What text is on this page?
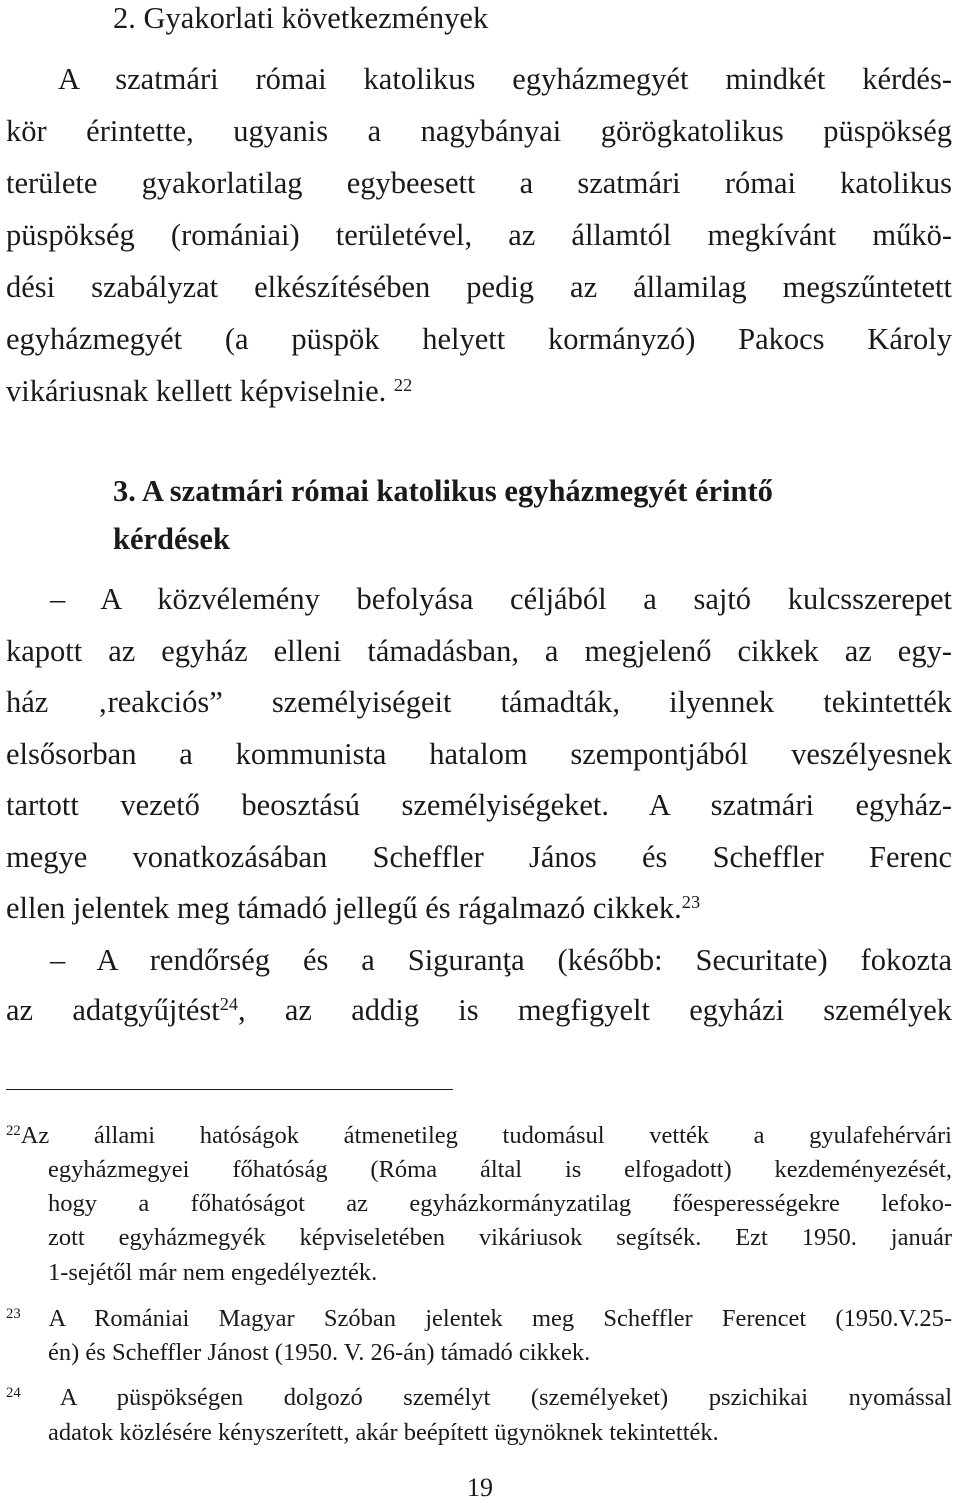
2. Gyakorlati következmények
A szatmári római katolikus egyházmegyét mindkét kérdés-
kör érintette, ugyanis a nagybányai görögkatolikus püspökség
területe gyakorlatilag egybeesett a szatmári római katolikus
püspökség (romániai) területével, az államtól megkívánt műkö-
dési szabályzat elkészítésében pedig az államilag megszűntetett
egyházmegyét (a püspök helyett kormányzó) Pakocs Károly
vikáriusnak kellett képviselnie. $^{22}$
3. A szatmári római katolikus egyházmegyét érintő
kérdések
– A közvélemény befolyása céljából a sajtó kulcsszerepet
kapott az egyház elleni támadásban, a megjelenő cikkek az egy-
ház ‚reakciós” személyiségeit támadták, ilyennek tekintették
elsősorban a kommunista hatalom szempontjából veszélyesnek
tartott vezető beosztású személyiségeket. A szatmári egyház-
megye vonatkozásában Scheffler János és Scheffler Ferenc
ellen jelentek meg támadó jellegű és rágalmazó cikkek.$^{23}$
– A rendőrség és a Siguranţa (később: Securitate) fokozta
az adatgyűjtést$^{24}$, az addig is megfigyelt egyházi személyek
$^{22}$Az állami hatóságok átmenetileg tudomásul vették a gyulafehérvári
egyházmegyei főhatóság (Róma által is elfogadott) kezdeményezését,
hogy a főhatóságot az egyházkormányzatilag főesperességekre lefoko-
zott egyházmegyék képviseletében vikáriusok segítsék. Ezt 1950. január
1-sejétől már nem engedélyezték.
$^{23}$ A Romániai Magyar Szóban jelentek meg Scheffler Ferencet (1950.V.25-
én) és Scheffler Jánost (1950. V. 26-án) támadó cikkek.
$^{24}$ A püspökségen dolgozó személyt (személyeket) pszichikai nyomással
adatok közlésére kényszerített, akár beépített ügynöknek tekintették.
19
